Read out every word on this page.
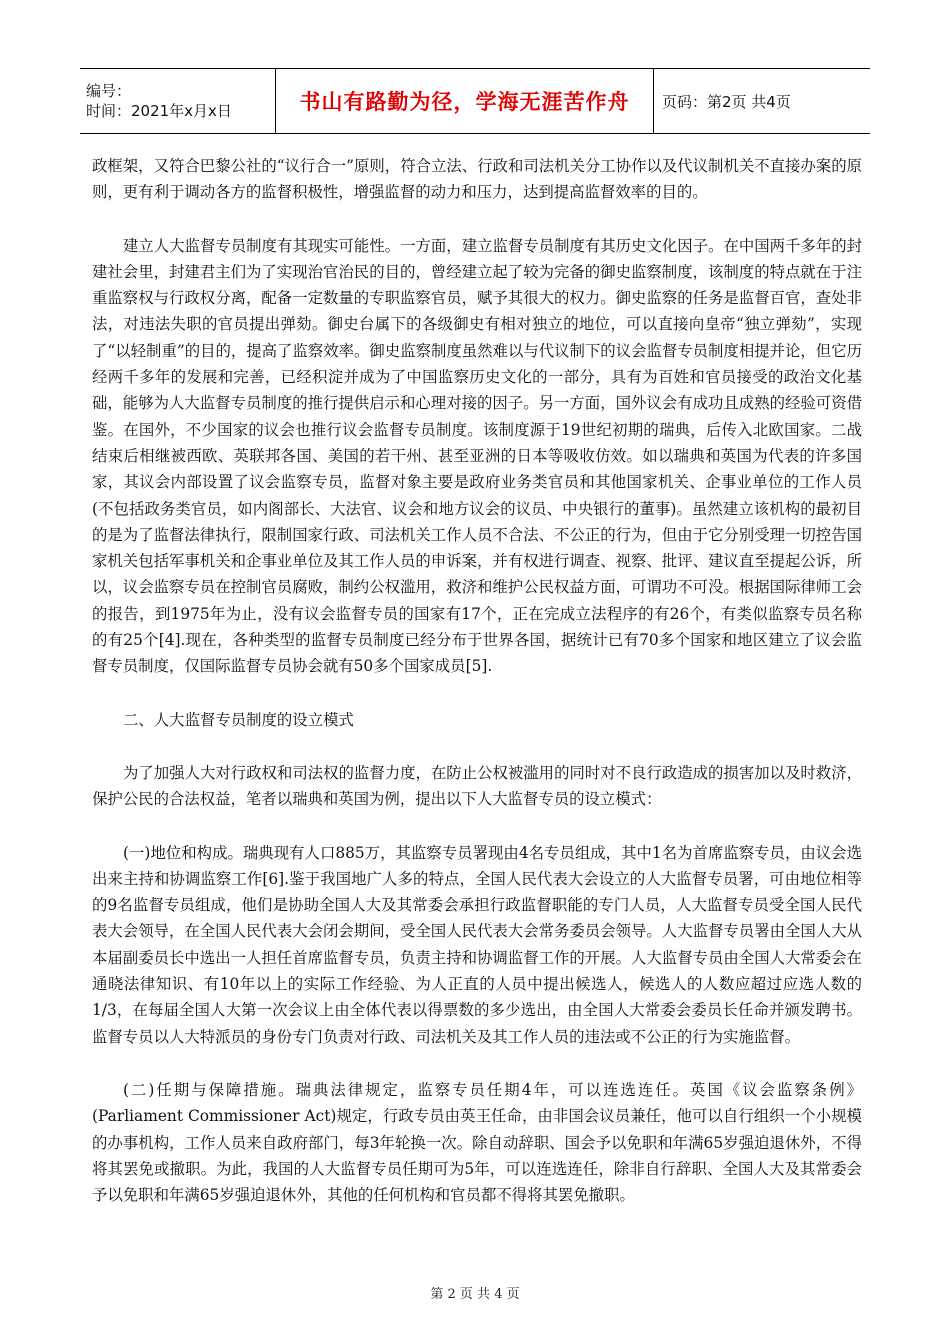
编号：
时间：2021年x月x日	书山有路勤为径，学海无涯苦作舟 页码：第2页 共4页

政框架，又符合巴黎公社的“议行合一”原则，符合立法、行政和司法机关分工协作以及代议制机关不直接办案的原则，更有利于调动各方的监督积极性，增强监督的动力和压力，达到提高监督效率的目的。

建立人大监督专员制度有其现实可能性。一方面，建立监督专员制度有其历史文化因子。在中国两千多年的封建社会里，封建君主们为了实现治官治民的目的，曾经建立起了较为完备的御史监察制度，该制度的特点就在于注重监察权与行政权分离，配备一定数量的专职监察官员，赋予其很大的权力。御史监察的任务是监督百官，查处非法，对违法失职的官员提出弹劾。御史台属下的各级御史有相对独立的地位，可以直接向皇帝“独立弹劾”，实现了“以轻制重”的目的，提高了监察效率。御史监察制度虽然难以与代议制下的议会监督专员制度相提并论，但它历经两千多年的发展和完善，已经积淀并成为了中国监察历史文化的一部分，具有为百姓和官员接受的政治文化基础，能够为人大监督专员制度的推行提供启示和心理对接的因子。另一方面，国外议会有成功且成熟的经验可资借鉴。在国外，不少国家的议会也推行议会监督专员制度。该制度源于19世纪初期的瑞典，后传入北欧国家。二战结束后相继被西欧、英联邦各国、美国的若干州、甚至亚洲的日本等吸收仿效。如以瑞典和英国为代表的许多国家，其议会内部设置了议会监察专员，监督对象主要是政府业务类官员和其他国家机关、企事业单位的工作人员(不包括政务类官员，如内阁部长、大法官、议会和地方议会的议员、中央银行的董事)。虽然建立该机构的最初目的是为了监督法律执行，限制国家行政、司法机关工作人员不合法、不公正的行为，但由于它分别受理一切控告国家机关包括军事机关和企事业单位及其工作人员的申诉案，并有权进行调查、视察、批评、建议直至提起公诉，所以，议会监察专员在控制官员腐败，制约公权滥用，救济和维护公民权益方面，可谓功不可没。根据国际律师工会的报告，到1975年为止，没有议会监督专员的国家有17个，正在完成立法程序的有26个，有类似监察专员名称的有25个[4].现在，各种类型的监督专员制度已经分布于世界各国，据统计已有70多个国家和地区建立了议会监督专员制度，仅国际监督专员协会就有50多个国家成员[5].

二、人大监督专员制度的设立模式

为了加强人大对行政权和司法权的监督力度，在防止公权被滥用的同时对不良行政造成的损害加以及时救济，保护公民的合法权益，笔者以瑞典和英国为例，提出以下人大监督专员的设立模式：

(一)地位和构成。瑞典现有人口885万，其监察专员署现由4名专员组成，其中1名为首席监察专员，由议会选出来主持和协调监察工作[6].鉴于我国地广人多的特点，全国人民代表大会设立的人大监督专员署，可由地位相等的9名监督专员组成，他们是协助全国人大及其常委会承担行政监督职能的专门人员，人大监督专员受全国人民代表大会领导，在全国人民代表大会闭会期间，受全国人民代表大会常务委员会领导。人大监督专员署由全国人大从本届副委员长中选出一人担任首席监督专员，负责主持和协调监督工作的开展。人大监督专员由全国人大常委会在通晓法律知识、有10年以上的实际工作经验、为人正直的人员中提出候选人，候选人的人数应超过应选人数的1/3，在每届全国人大第一次会议上由全体代表以得票数的多少选出，由全国人大常委会委员长任命并颁发聘书。监督专员以人大特派员的身份专门负责对行政、司法机关及其工作人员的违法或不公正的行为实施监督。

(二)任期与保障措施。瑞典法律规定，监察专员任期4年，可以连选连任。英国《议会监察条例》(Parliament Commissioner Act)规定，行政专员由英王任命，由非国会议员兼任，他可以自行组织一个小规模的办事机构，工作人员来自政府部门，每3年轮换一次。除自动辞职、国会予以免职和年满65岁强迫退休外，不得将其罢免或撤职。为此，我国的人大监督专员任期可为5年，可以连选连任，除非自行辞职、全国人大及其常委会予以免职和年满65岁强迫退休外，其他的任何机构和官员都不得将其罢免撤职。

第 2 页 共 4 页
